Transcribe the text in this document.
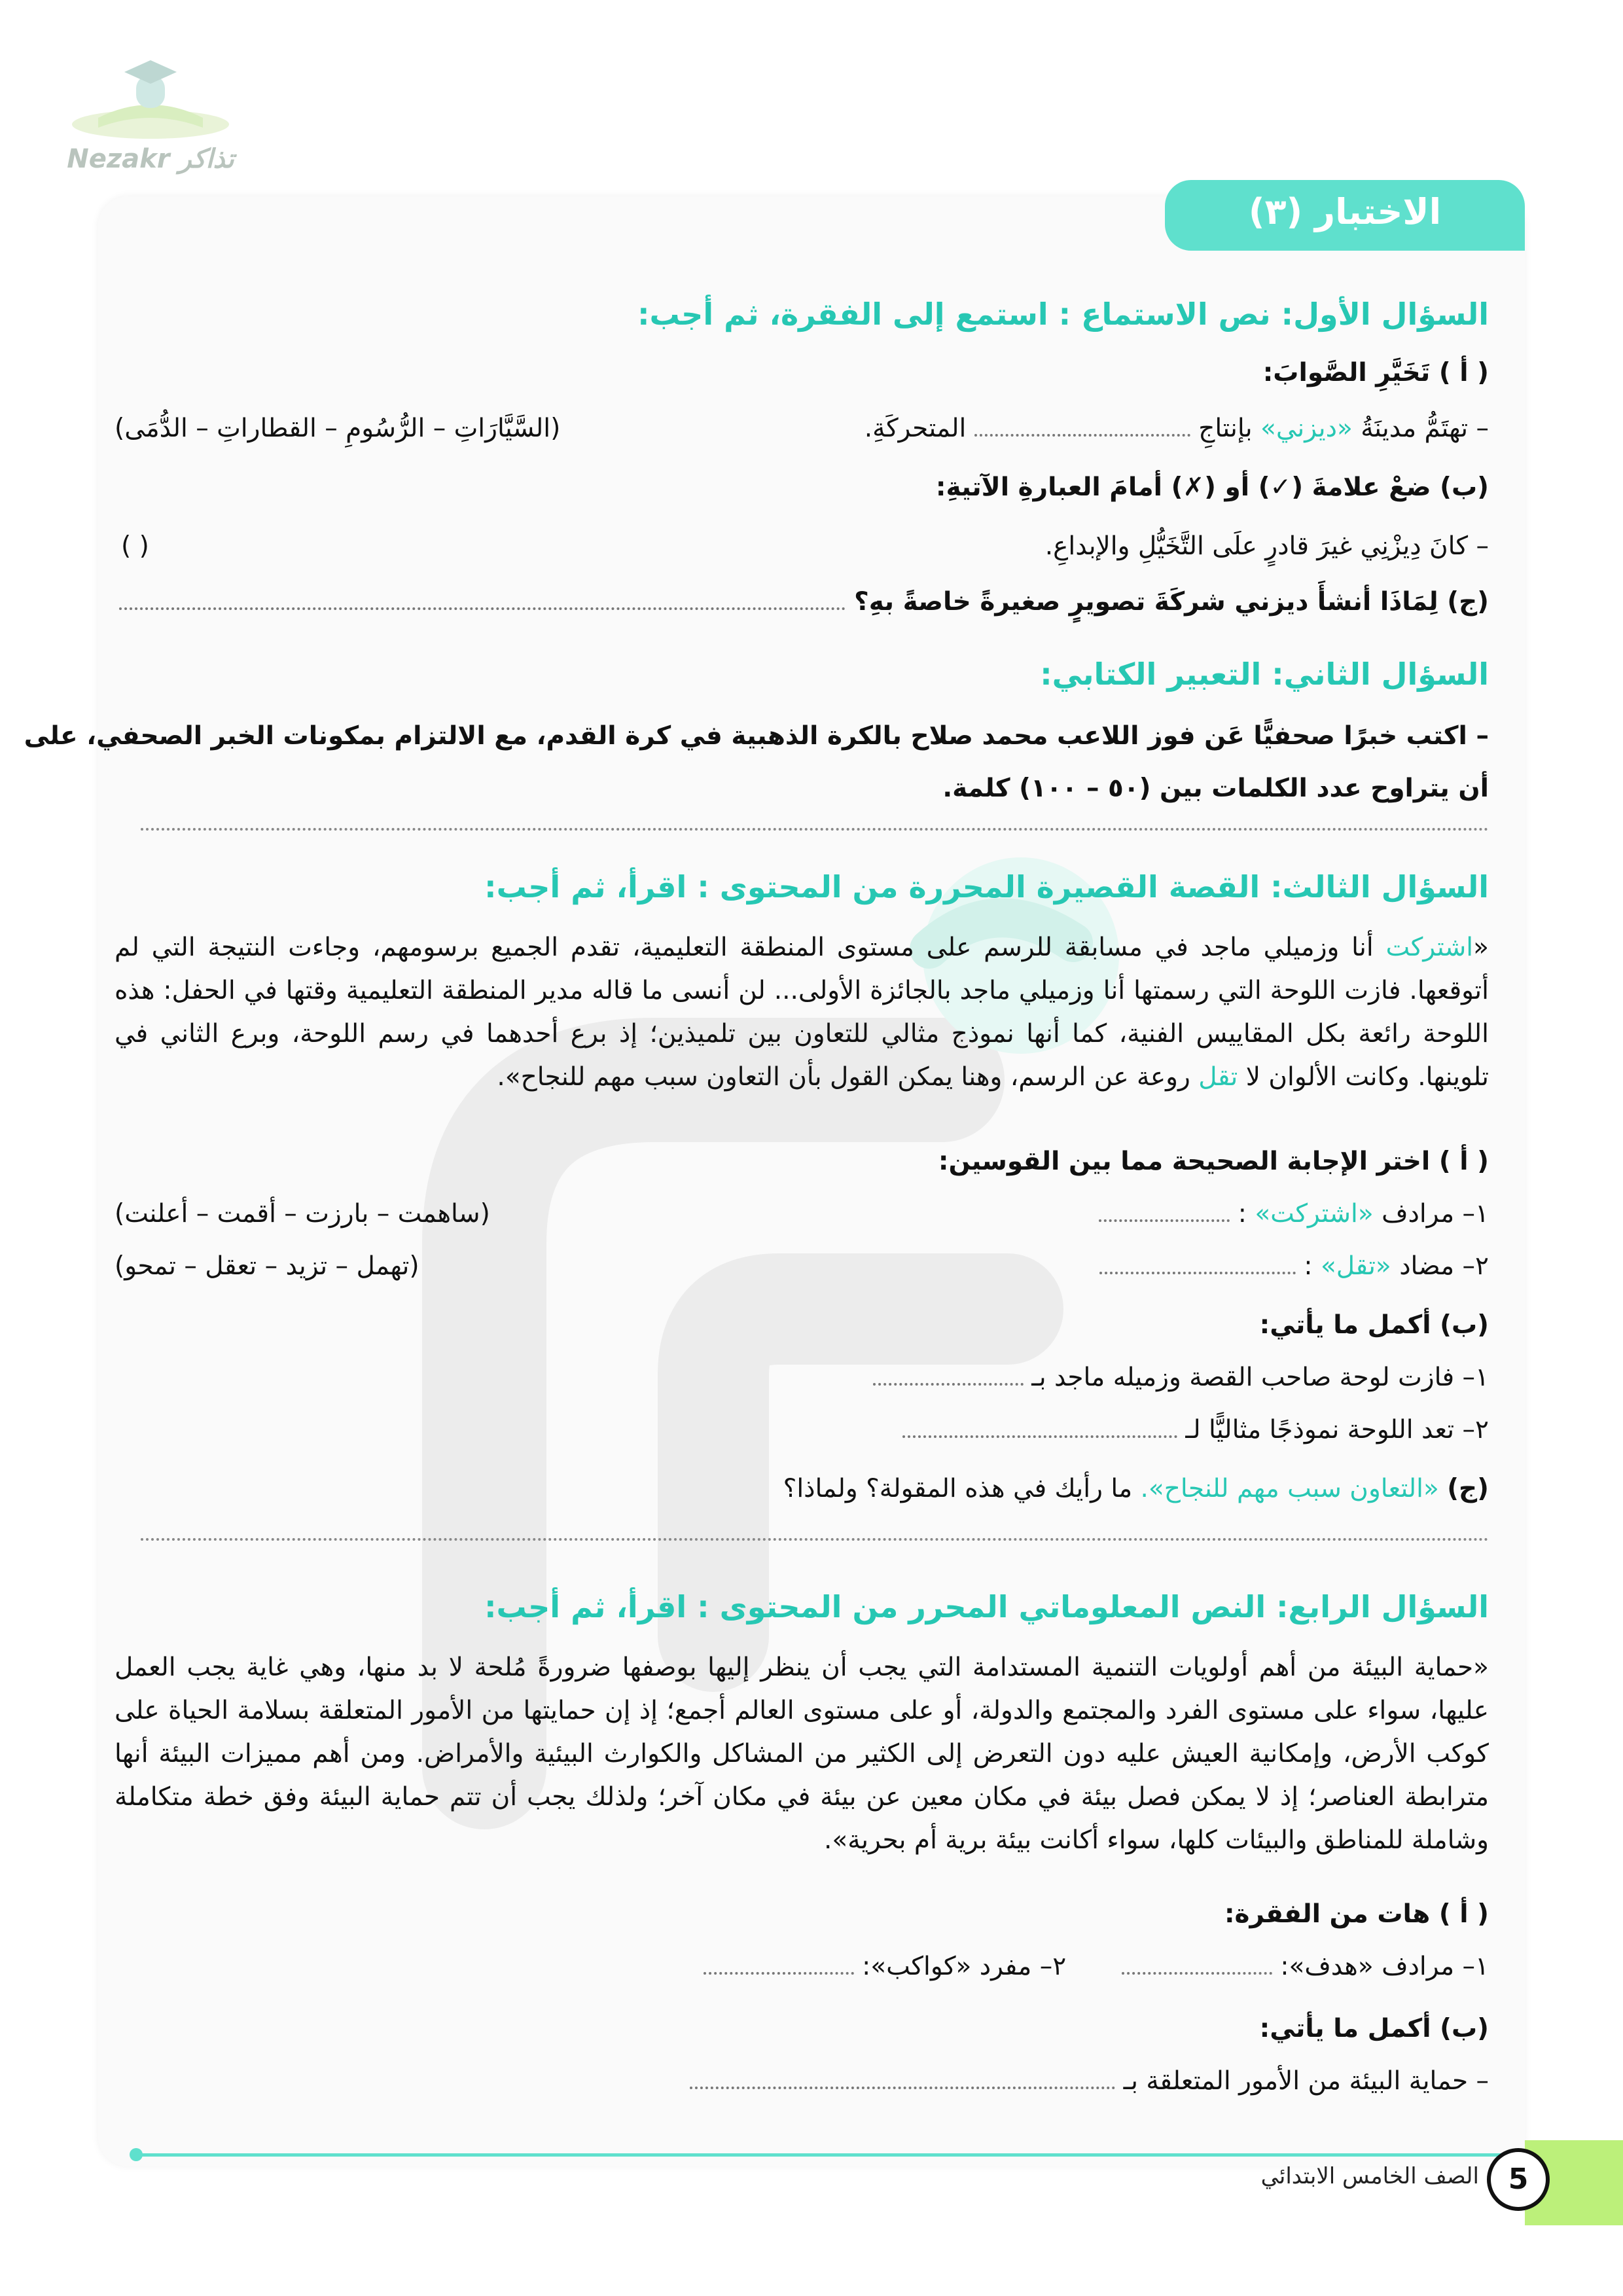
Nezakr تذاكر
الاختبار (٣)
السؤال الأول: نص الاستماع : استمع إلى الفقرة، ثم أجب:
( أ ) تَخَيَّرِ الصَّوابَ:
– تهتَمُّ مدينَةُ «ديزني» بإنتاجِ  المتحركَةِ.
(السَّيَّارَاتِ – الرُّسُومِ – القطاراتِ – الدُّمَى)
(ب) ضعْ علامةَ (✓) أو (✗) أمامَ العبارةِ الآتيةِ:
– كانَ دِيزْنِي غيرَ قادرٍ علَى التَّخَيُّلِ والإبداعِ.
( )
(ج) لِمَاذَا أنشأَ ديزني شركَةَ تصويرٍ صغيرةً خاصةً بهِ؟
السؤال الثاني: التعبير الكتابي:
– اكتب خبرًا صحفيًّا عَن فوز اللاعب محمد صلاح بالكرة الذهبية في كرة القدم، مع الالتزام بمكونات الخبر الصحفي، على
أن يتراوح عدد الكلمات بين (٥٠ – ١٠٠) كلمة.
السؤال الثالث: القصة القصيرة المحررة من المحتوى : اقرأ، ثم أجب:
«اشتركت أنا وزميلي ماجد في مسابقة للرسم على مستوى المنطقة التعليمية، تقدم الجميع برسومهم، وجاءت النتيجة التي لم أتوقعها. فازت اللوحة التي رسمتها أنا وزميلي ماجد بالجائزة الأولى... لن أنسى ما قاله مدير المنطقة التعليمية وقتها في الحفل: هذه اللوحة رائعة بكل المقاييس الفنية، كما أنها نموذج مثالي للتعاون بين تلميذين؛ إذ برع أحدهما في رسم اللوحة، وبرع الثاني في تلوينها. وكانت الألوان لا تقل روعة عن الرسم، وهنا يمكن القول بأن التعاون سبب مهم للنجاح».
( أ ) اختر الإجابة الصحيحة مما بين القوسين:
١– مرادف «اشتركت» :
(ساهمت – بارزت – أقمت – أعلنت)
٢– مضاد «تقل» :
(تهمل – تزيد – تعقل – تمحو)
(ب) أكمل ما يأتي:
١– فازت لوحة صاحب القصة وزميله ماجد بـ
٢– تعد اللوحة نموذجًا مثاليًّا لـ
(ج) «التعاون سبب مهم للنجاح». ما رأيك في هذه المقولة؟ ولماذا؟
السؤال الرابع: النص المعلوماتي المحرر من المحتوى : اقرأ، ثم أجب:
«حماية البيئة من أهم أولويات التنمية المستدامة التي يجب أن ينظر إليها بوصفها ضرورةً مُلحة لا بد منها، وهي غاية يجب العمل عليها، سواء على مستوى الفرد والمجتمع والدولة، أو على مستوى العالم أجمع؛ إذ إن حمايتها من الأمور المتعلقة بسلامة الحياة على كوكب الأرض، وإمكانية العيش عليه دون التعرض إلى الكثير من المشاكل والكوارث البيئية والأمراض. ومن أهم مميزات البيئة أنها مترابطة العناصر؛ إذ لا يمكن فصل بيئة في مكان معين عن بيئة في مكان آخر؛ ولذلك يجب أن تتم حماية البيئة وفق خطة متكاملة وشاملة للمناطق والبيئات كلها، سواء أكانت بيئة برية أم بحرية».
( أ ) هات من الفقرة:
١– مرادف «هدف»:   ٢– مفرد «كواكب»:
(ب) أكمل ما يأتي:
– حماية البيئة من الأمور المتعلقة بـ
5
الصف الخامس الابتدائي
